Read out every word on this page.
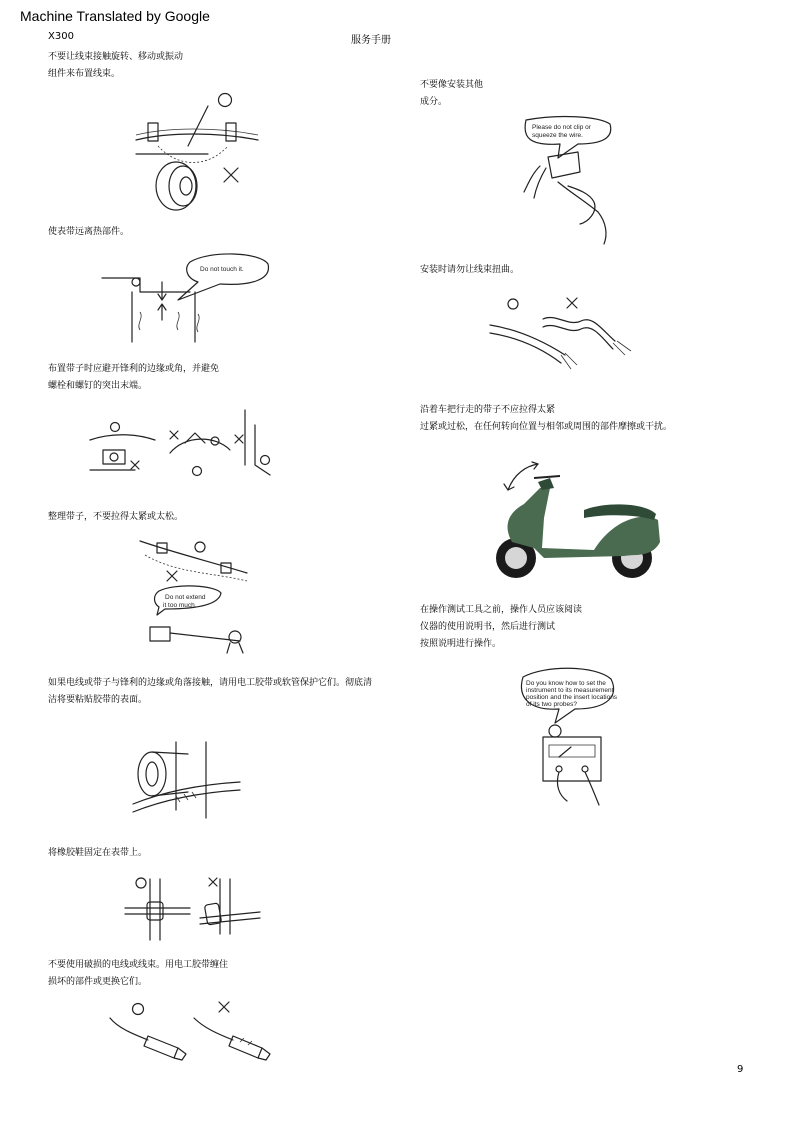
Machine Translated by Google
X300	服务手册
不要让线束接触旋转、移动或振动
组件来布置线束。
使表带远离热部件。
Do not touch it.
布置带子时应避开锋利的边缘或角，并避免
螺栓和螺钉的突出末端。
整理带子，不要拉得太紧或太松。
Do not extend
it too much.
如果电线或带子与锋利的边缘或角落接触，请用电工胶带或软管保护它们。彻底清
洁将要粘贴胶带的表面。
将橡胶鞋固定在表带上。
不要使用破损的电线或线束。用电工胶带缠住
损坏的部件或更换它们。
不要像安装其他
成分。
Please do not clip or
squeeze the wire.
安装时请勿让线束扭曲。
沿着车把行走的带子不应拉得太紧
过紧或过松，在任何转向位置与相邻或周围的部件摩擦或干扰。
在操作测试工具之前，操作人员应该阅读
仪器的使用说明书，然后进行测试
按照说明进行操作。
Do you know how to set the
instrument to its measurement
position and the insert locations
of its two probes?
9
